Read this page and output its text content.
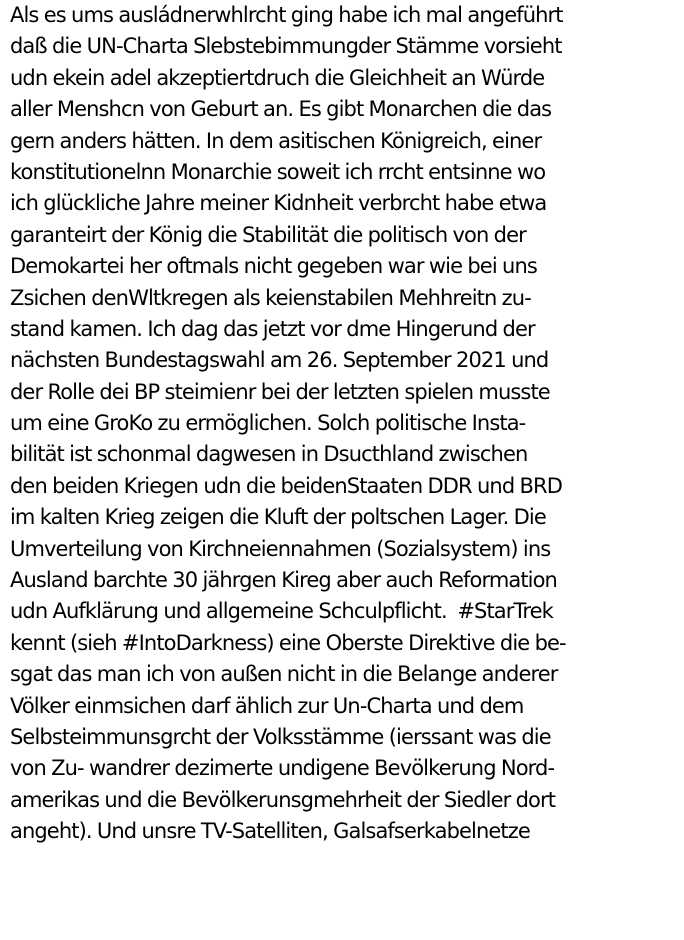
Als es ums ausládnerwhlrcht ging habe ich mal angeführt
daß die UN-Charta Slebstebimmungder Stämme vorsieht
udn ekein adel akzeptiertdruch die Gleichheit an Würde
aller Menshcn von Geburt an. Es gibt Monarchen die das
gern anders hätten. In dem asitischen Königreich, einer
konstitutionelnn Monarchie soweit ich rrcht entsinne wo
ich glückliche Jahre meiner Kidnheit verbrcht habe etwa
garanteirt der König die Stabilität die politisch von der
Demokartei her oftmals nicht gegeben war wie bei uns
Zsichen denWltkregen als keienstabilen Mehhreitn zu-
stand kamen. Ich dag das jetzt vor dme Hingerund der
nächsten Bundestagswahl am 26. September 2021 und
der Rolle dei BP steimienr bei der letzten spielen musste
um eine GroKo zu ermöglichen. Solch politische Insta-
bilität ist schonmal dagwesen in Dsucthland zwischen
den beiden Kriegen udn die beidenStaaten DDR und BRD
im kalten Krieg zeigen die Kluft der poltschen Lager. Die
Umverteilung von Kirchneiennahmen (Sozialsystem) ins
Ausland barchte 30 jährgen Kireg aber auch Reformation
udn Aufklärung und allgemeine Schculpflicht.  #StarTrek
kennt (sieh #IntoDarkness) eine Oberste Direktive die be-
sgat das man ich von außen nicht in die Belange anderer
Völker einmsichen darf ählich zur Un-Charta und dem
Selbsteimmunsgrcht der Volksstämme (ierssant was die
von Zu- wandrer dezimerte undigene Bevölkerung Nord-
amerikas und die Bevölkerunsgmehrheit der Siedler dort
angeht). Und unsre TV-Satelliten, Galsafserkabelnetze
